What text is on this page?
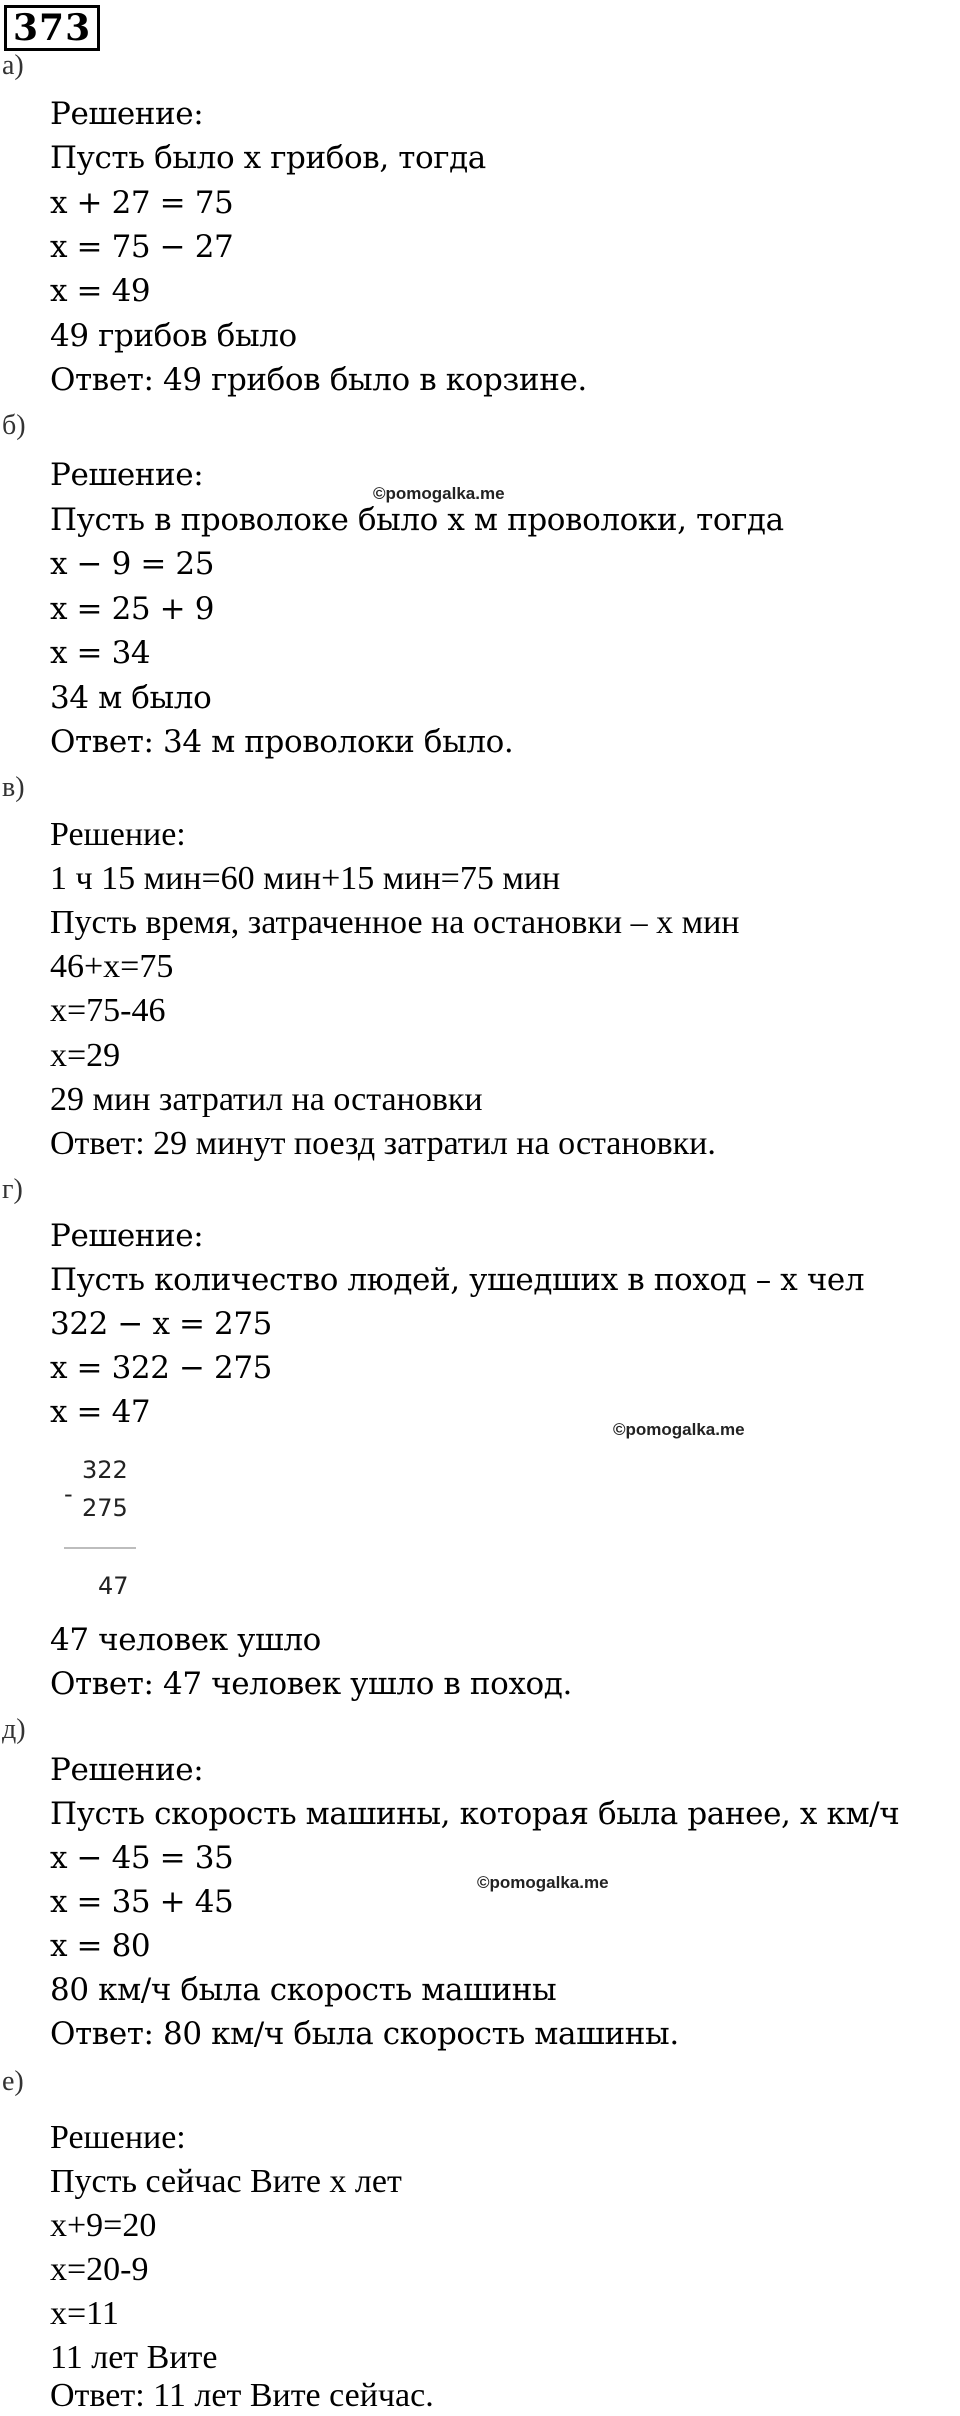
373
а)
Решение:
Пусть было х грибов, тогда
x + 27 = 75
x = 75 − 27
x = 49
49 грибов было
Ответ: 49 грибов было в корзине.
б)
Решение:
©pomogalka.me
Пусть в проволоке было х м проволоки, тогда
x − 9 = 25
x = 25 + 9
x = 34
34 м было
Ответ: 34 м проволоки было.
в)
Решение:
1 ч 15 мин=60 мин+15 мин=75 мин
Пусть время, затраченное на остановки – х мин
46+х=75
х=75-46
х=29
29 мин затратил на остановки
Ответ: 29 минут поезд затратил на остановки.
г)
Решение:
Пусть количество людей, ушедших в поход – х чел
322 − x = 275
x = 322 − 275
x = 47	©pomogalka.me
-
322
275
47
47 человек ушло
Ответ: 47 человек ушло в поход.
д)
Решение:
Пусть скорость машины, которая была ранее, x км/ч
x − 45 = 35
©pomogalka.me
x = 35 + 45
x = 80
80 км/ч была скорость машины
Ответ: 80 км/ч была скорость машины.
е)
Решение:
Пусть сейчас Вите х лет
х+9=20
х=20-9
х=11
11 лет Вите
Ответ: 11 лет Вите сейчас.
